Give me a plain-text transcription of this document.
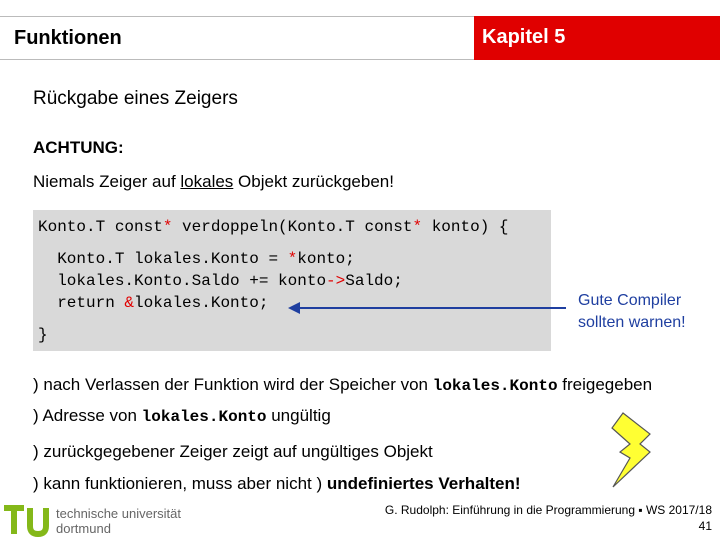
Funktionen	Kapitel 5
Rückgabe eines Zeigers
ACHTUNG:
Niemals Zeiger auf lokales Objekt zurückgeben!
Konto.T const* verdoppeln(Konto.T const* konto) {
Konto.T lokales.Konto = *konto;
lokales.Konto.Saldo += konto->Saldo;
return &lokales.Konto;
}
Gute Compiler
sollten warnen!
) nach Verlassen der Funktion wird der Speicher von lokales.Konto freigegeben
) Adresse von lokales.Konto ungültig
) zurückgegebener Zeiger zeigt auf ungültiges Objekt
) kann funktionieren, muss aber nicht ) undefiniertes Verhalten!
technische universität
dortmund
G. Rudolph: Einführung in die Programmierung ▪ WS 2017/18
41
